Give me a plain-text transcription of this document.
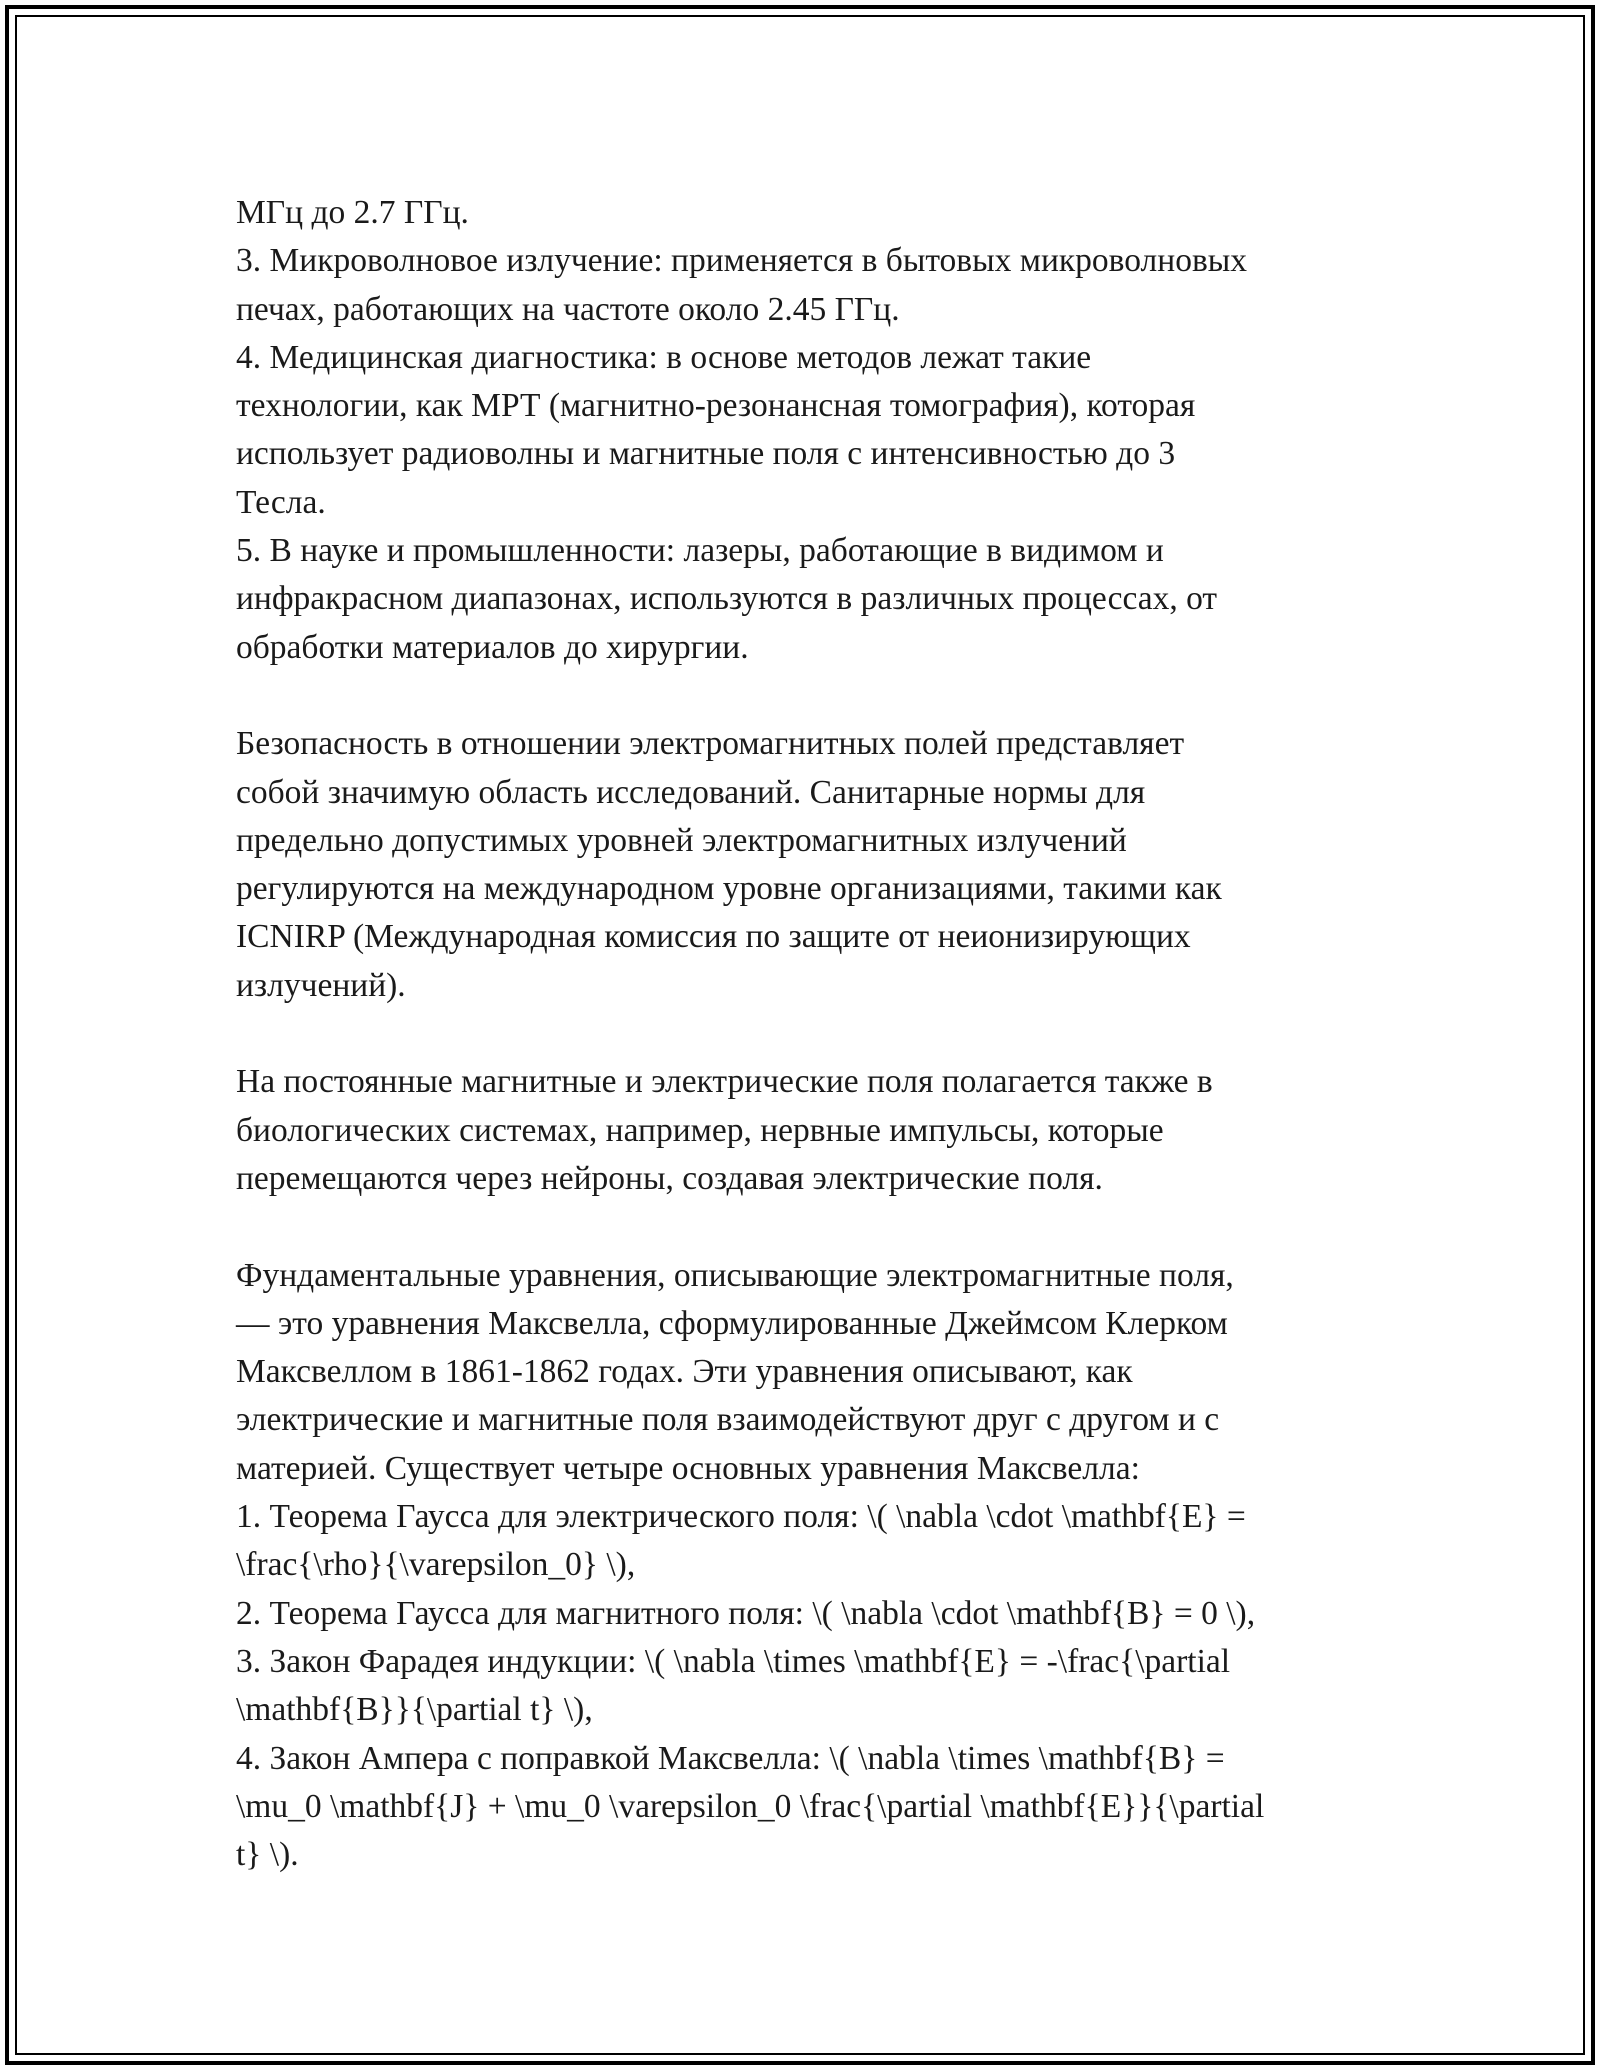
МГц до 2.7 ГГц.
3. Микроволновое излучение: применяется в бытовых микроволновых
печах, работающих на частоте около 2.45 ГГц.
4. Медицинская диагностика: в основе методов лежат такие
технологии, как МРТ (магнитно-резонансная томография), которая
использует радиоволны и магнитные поля с интенсивностью до 3
Тесла.
5. В науке и промышленности: лазеры, работающие в видимом и
инфракрасном диапазонах, используются в различных процессах, от
обработки материалов до хирургии.
Безопасность в отношении электромагнитных полей представляет
собой значимую область исследований. Санитарные нормы для
предельно допустимых уровней электромагнитных излучений
регулируются на международном уровне организациями, такими как
ICNIRP (Международная комиссия по защите от неионизирующих
излучений).
На постоянные магнитные и электрические поля полагается также в
биологических системах, например, нервные импульсы, которые
перемещаются через нейроны, создавая электрические поля.
Фундаментальные уравнения, описывающие электромагнитные поля,
— это уравнения Максвелла, сформулированные Джеймсом Клерком
Максвеллом в 1861-1862 годах. Эти уравнения описывают, как
электрические и магнитные поля взаимодействуют друг с другом и с
материей. Существует четыре основных уравнения Максвелла:
1. Теорема Гаусса для электрического поля: \( \nabla \cdot \mathbf{E} =
\frac{\rho}{\varepsilon_0} \),
2. Теорема Гаусса для магнитного поля: \( \nabla \cdot \mathbf{B} = 0 \),
3. Закон Фарадея индукции: \( \nabla \times \mathbf{E} = -\frac{\partial
\mathbf{B}}{\partial t} \),
4. Закон Ампера с поправкой Максвелла: \( \nabla \times \mathbf{B} =
\mu_0 \mathbf{J} + \mu_0 \varepsilon_0 \frac{\partial \mathbf{E}}{\partial
t} \).
